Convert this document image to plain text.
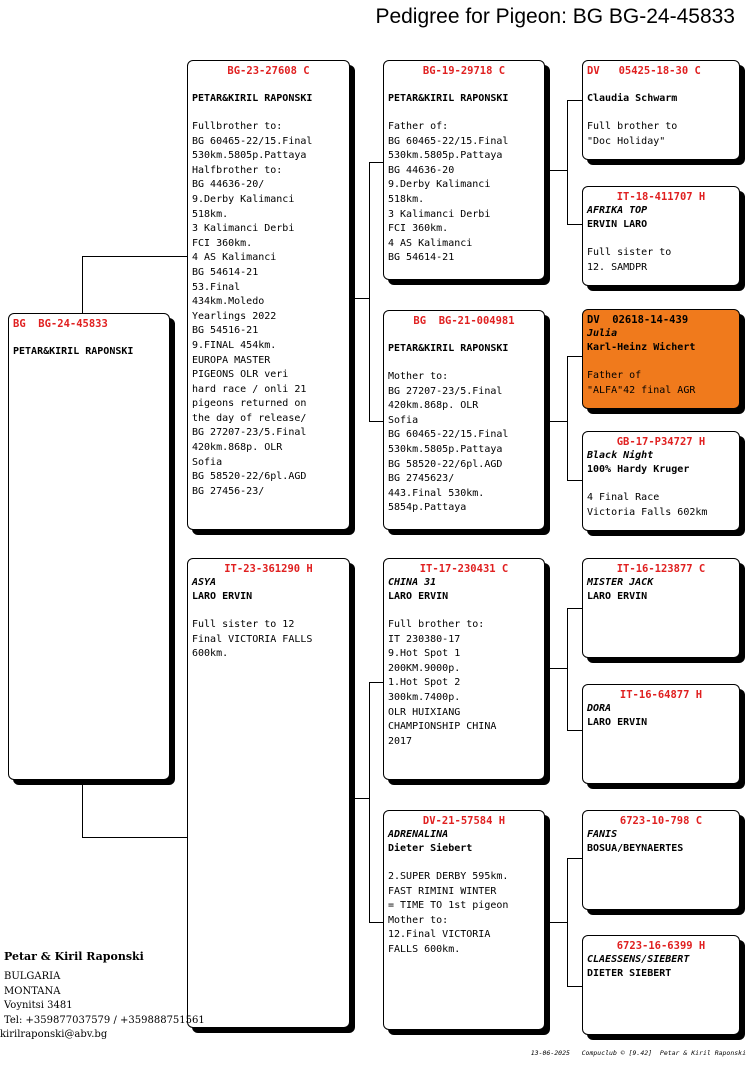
Pedigree for Pigeon: BG BG-24-45833
BG  BG-24-45833
PETAR&KIRIL RAPONSKI
BG-23-27608 C
PETAR&KIRIL RAPONSKI
Fullbrother to:
BG 60465-22/15.Final
530km.5805p.Pattaya
Halfbrother to:
BG 44636-20/
9.Derby Kalimanci
518km.
3 Kalimanci Derbi
FCI 360km.
4 AS Kalimanci
BG 54614-21
53.Final
434km.Moledo
Yearlings 2022
BG 54516-21
9.FINAL 454km.
EUROPA MASTER
PIGEONS OLR veri
hard race / onli 21
pigeons returned on
the day of release/
BG 27207-23/5.Final
420km.868p. OLR
Sofia
BG 58520-22/6pl.AGD
BG 27456-23/
IT-23-361290 H
ASYA
LARO ERVIN
Full sister to 12
Final VICTORIA FALLS
600km.
BG-19-29718 C
PETAR&KIRIL RAPONSKI
Father of:
BG 60465-22/15.Final
530km.5805p.Pattaya
BG 44636-20
9.Derby Kalimanci
518km.
3 Kalimanci Derbi
FCI 360km.
4 AS Kalimanci
BG 54614-21
BG  BG-21-004981
PETAR&KIRIL RAPONSKI
Mother to:
BG 27207-23/5.Final
420km.868p. OLR
Sofia
BG 60465-22/15.Final
530km.5805p.Pattaya
BG 58520-22/6pl.AGD
BG 2745623/
443.Final 530km.
5854p.Pattaya
IT-17-230431 C
CHINA 31
LARO ERVIN
Full brother to:
IT 230380-17
9.Hot Spot 1
200KM.9000p.
1.Hot Spot 2
300km.7400p.
OLR HUIXIANG
CHAMPIONSHIP CHINA
2017
DV-21-57584 H
ADRENALINA
Dieter Siebert
2.SUPER DERBY 595km.
FAST RIMINI WINTER
= TIME TO 1st pigeon
Mother to:
12.Final VICTORIA
FALLS 600km.
DV   05425-18-30 C
Claudia Schwarm
Full brother to
"Doc Holiday"
IT-18-411707 H
AFRIKA TOP
ERVIN LARO
Full sister to
12. SAMDPR
DV  02618-14-439
Julia
Karl-Heinz Wichert
Father of
"ALFA"42 final AGR
GB-17-P34727 H
Black Night
100% Hardy Kruger
4 Final Race
Victoria Falls 602km
IT-16-123877 C
MISTER JACK
LARO ERVIN
IT-16-64877 H
DORA
LARO ERVIN
6723-10-798 C
FANIS
BOSUA/BEYNAERTES
6723-16-6399 H
CLAESSENS/SIEBERT
DIETER SIEBERT
Petar & Kiril Raponski
BULGARIA
MONTANA
Voynitsi 3481
Tel: +359877037579 / +359888751561
kirilraponski@abv.bg
13-06-2025   Compuclub © [9.42]  Petar & Kiril Raponski
